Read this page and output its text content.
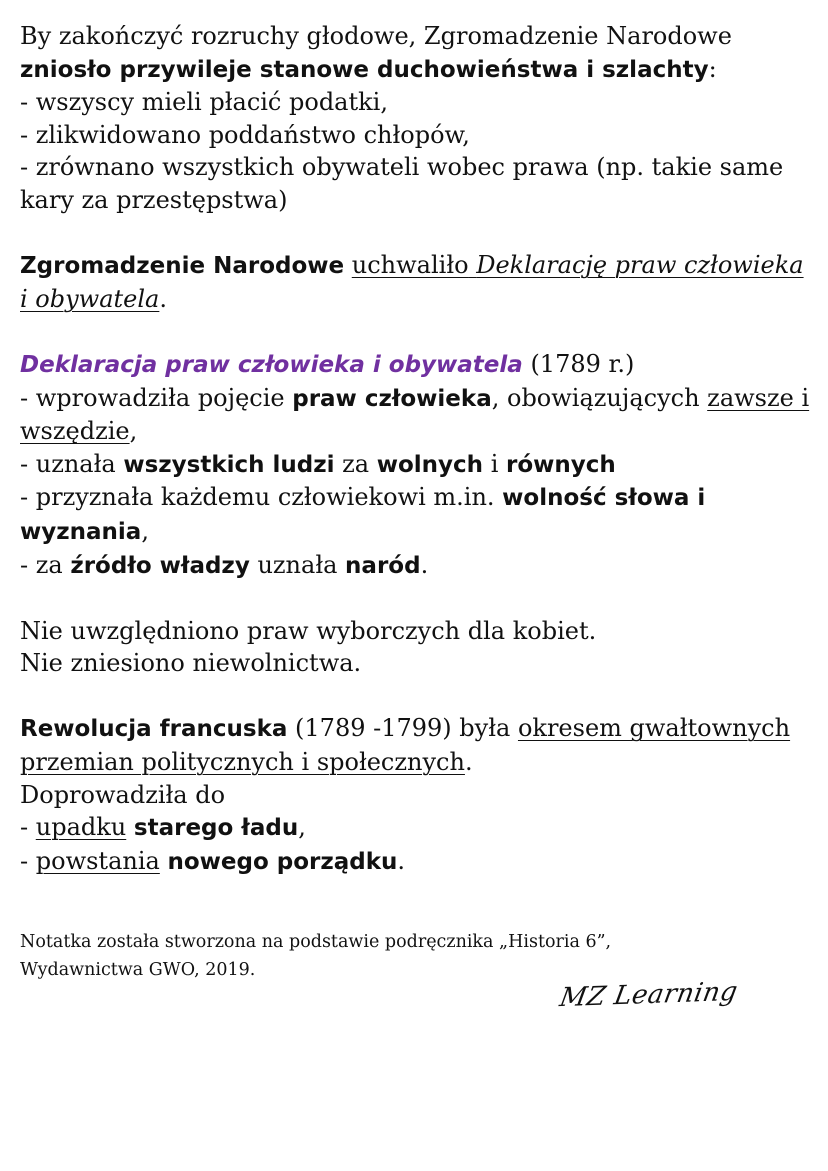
By zakończyć rozruchy głodowe, Zgromadzenie Narodowe
zniosło przywileje stanowe duchowieństwa i szlachty:
- wszyscy mieli płacić podatki,
- zlikwidowano poddaństwo chłopów,
- zrównano wszystkich obywateli wobec prawa (np. takie same kary za przestępstwa)

Zgromadzenie Narodowe uchwaliło Deklarację praw człowieka i obywatela.

Deklaracja praw człowieka i obywatela (1789 r.)
- wprowadziła pojęcie praw człowieka, obowiązujących zawsze i wszędzie,
- uznała wszystkich ludzi za wolnych i równych
- przyznała każdemu człowiekowi m.in. wolność słowa i wyznania,
- za źródło władzy uznała naród.

Nie uwzględniono praw wyborczych dla kobiet.
Nie zniesiono niewolnictwa.

Rewolucja francuska (1789 -1799) była okresem gwałtownych przemian politycznych i społecznych.
Doprowadziła do
- upadku starego ładu,
- powstania nowego porządku.

Notatka została stworzona na podstawie podręcznika „Historia 6”,
Wydawnictwa GWO, 2019.
MZ Learning
